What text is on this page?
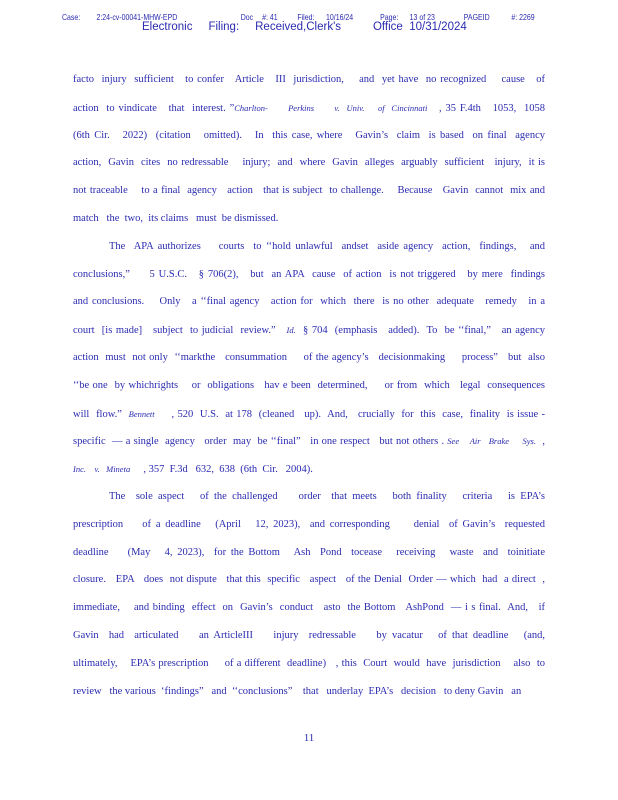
Case: 2:24-cv-00041-MHW-EPD	Doc #: 41 Filed: 10/16/24	Page: 13 of 23	PAGEID	#: 2269
Electronic     Filing:     Received,Clerk's          Office  10/31/2024
facto  injury  sufficient   to confer   Article   III  jurisdiction,    and  yet have  no recognized    cause   of
action  to vindicate   that  interest. ”Charlton-      Perkins      v.  Univ.    of  Cincinnati   , 35 F.4th   1053,  1058
(6th Cir.   2022)  (citation   omitted).   In  this case, where   Gavin’s  claim  is based  on final  agency
action,  Gavin  cites  no redressable    injury;  and  where  Gavin  alleges  arguably  sufficient   injury,  it is
not traceable    to a final  agency   action   that is subject  to challenge.    Because   Gavin  cannot  mix and
match   the  two,  its claims   must  be dismissed.
The  APA authorizes    courts  to ‘‘hold unlawful  andset  aside agency  action,  findings,   and
conclusions,”     5 U.S.C.   § 706(2),   but  an APA  cause  of action  is not triggered   by mere  findings
and conclusions.    Only   a ‘‘final agency   action for  which  there  is no other  adequate   remedy   in a
court  [is made]   subject  to judicial  review.”   Id.  § 704  (emphasis   added).  To  be ‘‘final,”   an agency
action  must  not only  ‘‘markthe   consummation     of the agency’s   decisionmaking     process”   but  also
‘‘be one  by whichrights    or  obligations   hav e been  determined,     or from  which   legal  consequences
will  flow.”  Bennett     , 520  U.S.  at 178  (cleaned   up).  And,   crucially  for  this  case,  finality  is issue -
specific  — a single  agency   order  may  be ‘‘final”   in one respect   but not others . See    Air   Brake     Sys.  ,
Inc.    v.   Mineta     , 357  F.3d   632,  638  (6th  Cir.   2004).
The  sole aspect   of the challenged    order  that meets   both finality   criteria   is EPA’s
prescription    of a deadline   (April   12, 2023),  and corresponding     denial  of Gavin’s  requested
deadline    (May   4, 2023),  for the Bottom   Ash  Pond  tocease   receiving   waste  and  toinitiate
closure.   EPA   does  not dispute   that this  specific   aspect   of the Denial  Order — which  had  a direct  ,
immediate,    and binding  effect  on  Gavin’s  conduct   asto  the Bottom   AshPond  — i s final.  And,   if
Gavin  had  articulated    an ArticleIII    injury  redressable    by vacatur   of that deadline   (and,
ultimately,    EPA’s prescription     of a different  deadline)   , this  Court  would  have  jurisdiction    also  to
review   the various  ‘findings”   and  ‘‘conclusions”    that   underlay  EPA’s   decision   to deny Gavin   an
11
